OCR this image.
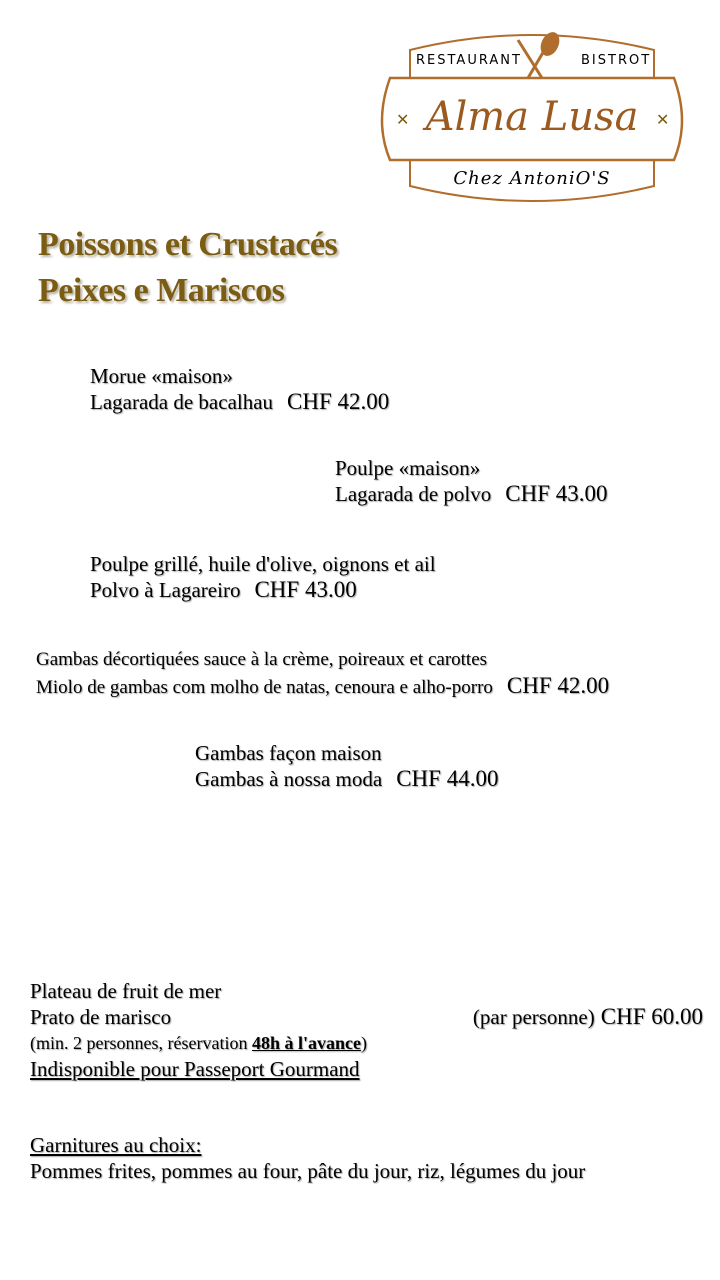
✕	✕
RESTAURANT	BISTROT
Alma Lusa
Chez AntoniO'S
Poissons et Crustacés
Peixes e Mariscos
Morue «maison»
Lagarada de bacalhau CHF 42.00
Poulpe «maison»
Lagarada de polvo CHF 43.00
Poulpe grillé, huile d'olive, oignons et ail
Polvo à Lagareiro CHF 43.00
Gambas décortiquées sauce à la crème, poireaux et carottes
Miolo de gambas com molho de natas, cenoura e alho-porro CHF 42.00
Gambas façon maison
Gambas à nossa moda CHF 44.00
Plateau de fruit de mer
Prato de marisco	(par personne) CHF 60.00
(min. 2 personnes, réservation 48h à l'avance)
Indisponible pour Passeport Gourmand
Garnitures au choix:
Pommes frites, pommes au four, pâte du jour, riz, légumes du jour
